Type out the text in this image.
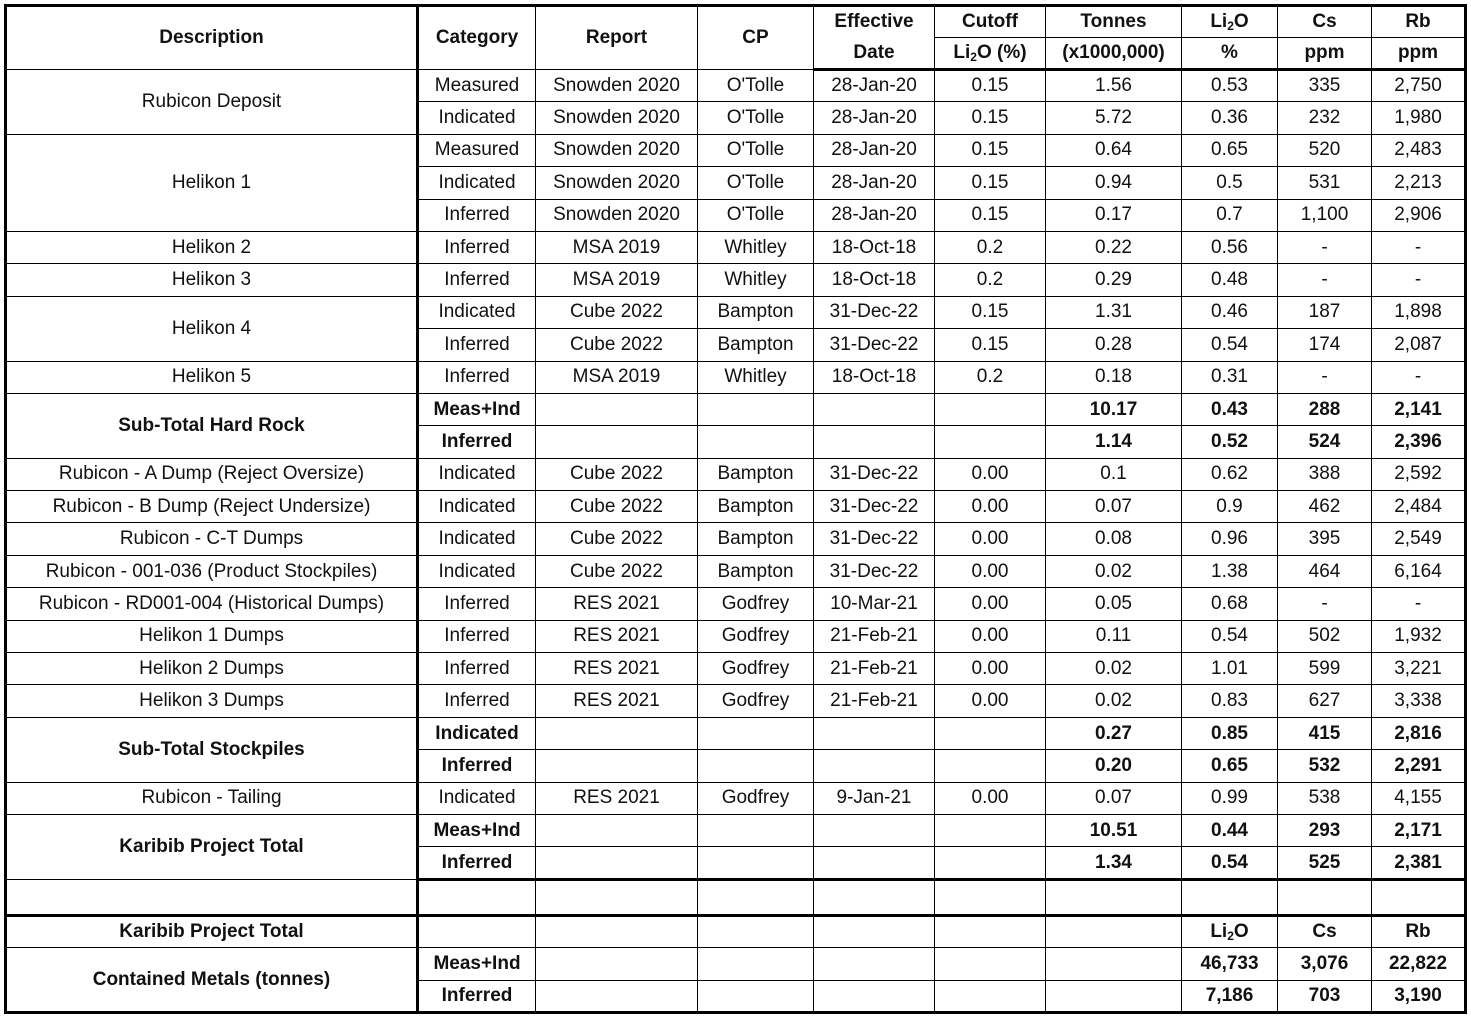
Description	Category	Report	CP	Effective	Cutoff	Tonnes	$Li_2O$	Cs	Rb
				Date	$Li_2O$ (%)	(x1000,000)	%	ppm	ppm
Rubicon Deposit	Measured	Snowden 2020	O'Tolle	28-Jan-20	0.15	1.56	0.53	335	2,750
	Indicated	Snowden 2020	O'Tolle	28-Jan-20	0.15	5.72	0.36	232	1,980
Helikon 1	Measured	Snowden 2020	O'Tolle	28-Jan-20	0.15	0.64	0.65	520	2,483
	Indicated	Snowden 2020	O'Tolle	28-Jan-20	0.15	0.94	0.5	531	2,213
	Inferred	Snowden 2020	O'Tolle	28-Jan-20	0.15	0.17	0.7	1,100	2,906
Helikon 2	Inferred	MSA 2019	Whitley	18-Oct-18	0.2	0.22	0.56	-	-
Helikon 3	Inferred	MSA 2019	Whitley	18-Oct-18	0.2	0.29	0.48	-	-
Helikon 4	Indicated	Cube 2022	Bampton	31-Dec-22	0.15	1.31	0.46	187	1,898
	Inferred	Cube 2022	Bampton	31-Dec-22	0.15	0.28	0.54	174	2,087
Helikon 5	Inferred	MSA 2019	Whitley	18-Oct-18	0.2	0.18	0.31	-	-
Sub-Total Hard Rock	Meas+Ind					10.17	0.43	288	2,141
	Inferred					1.14	0.52	524	2,396
Rubicon - A Dump (Reject Oversize)	Indicated	Cube 2022	Bampton	31-Dec-22	0.00	0.1	0.62	388	2,592
Rubicon - B Dump (Reject Undersize)	Indicated	Cube 2022	Bampton	31-Dec-22	0.00	0.07	0.9	462	2,484
Rubicon - C-T Dumps	Indicated	Cube 2022	Bampton	31-Dec-22	0.00	0.08	0.96	395	2,549
Rubicon - 001-036 (Product Stockpiles)	Indicated	Cube 2022	Bampton	31-Dec-22	0.00	0.02	1.38	464	6,164
Rubicon - RD001-004 (Historical Dumps)	Inferred	RES 2021	Godfrey	10-Mar-21	0.00	0.05	0.68	-	-
Helikon 1 Dumps	Inferred	RES 2021	Godfrey	21-Feb-21	0.00	0.11	0.54	502	1,932
Helikon 2 Dumps	Inferred	RES 2021	Godfrey	21-Feb-21	0.00	0.02	1.01	599	3,221
Helikon 3 Dumps	Inferred	RES 2021	Godfrey	21-Feb-21	0.00	0.02	0.83	627	3,338
Sub-Total Stockpiles	Indicated					0.27	0.85	415	2,816
	Inferred					0.20	0.65	532	2,291
Rubicon - Tailing	Indicated	RES 2021	Godfrey	9-Jan-21	0.00	0.07	0.99	538	4,155
Karibib Project Total	Meas+Ind					10.51	0.44	293	2,171
	Inferred					1.34	0.54	525	2,381

Karibib Project Total							$Li_2O$	Cs	Rb
Contained Metals (tonnes)	Meas+Ind						46,733	3,076	22,822
	Inferred						7,186	703	3,190
